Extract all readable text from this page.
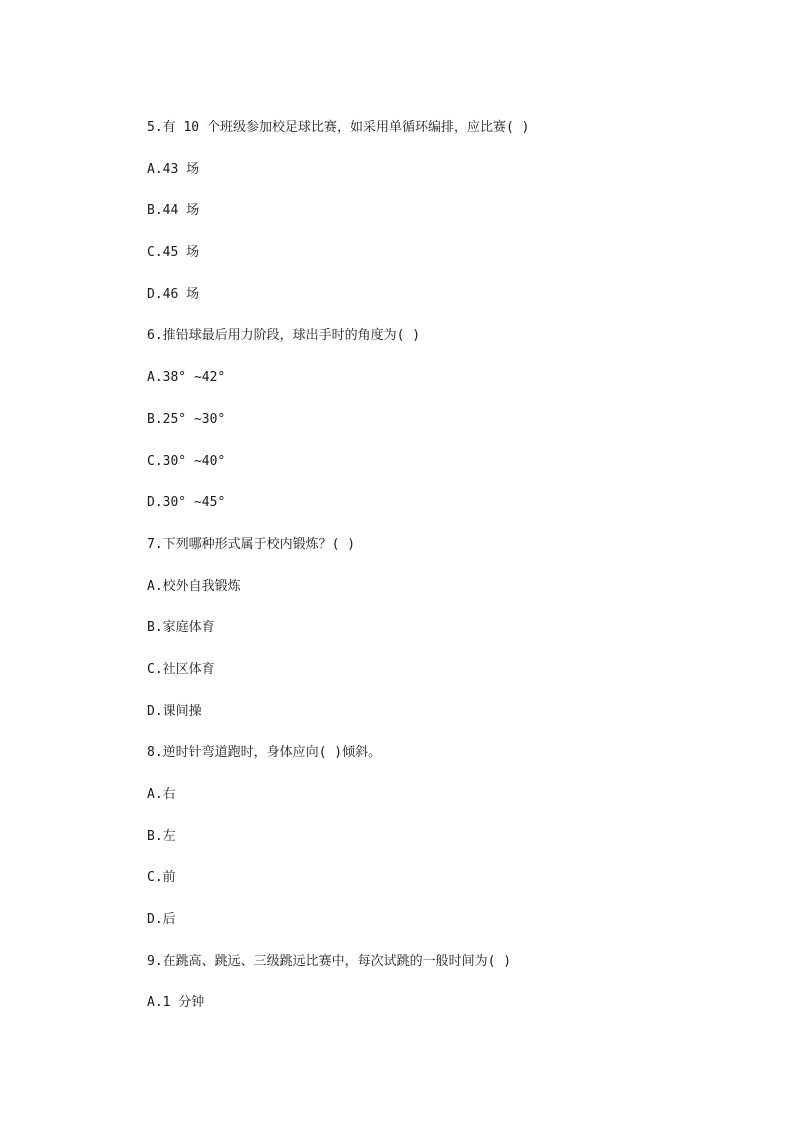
5.有 10 个班级参加校足球比赛，如采用单循环编排，应比赛( )
A.43 场
B.44 场
C.45 场
D.46 场
6.推铅球最后用力阶段，球出手时的角度为( )
A.38° ~42°
B.25° ~30°
C.30° ~40°
D.30° ~45°
7.下列哪种形式属于校内锻炼？( )
A.校外自我锻炼
B.家庭体育
C.社区体育
D.课间操
8.逆时针弯道跑时，身体应向( )倾斜。
A.右
B.左
C.前
D.后
9.在跳高、跳远、三级跳远比赛中，每次试跳的一般时间为( )
A.1 分钟
